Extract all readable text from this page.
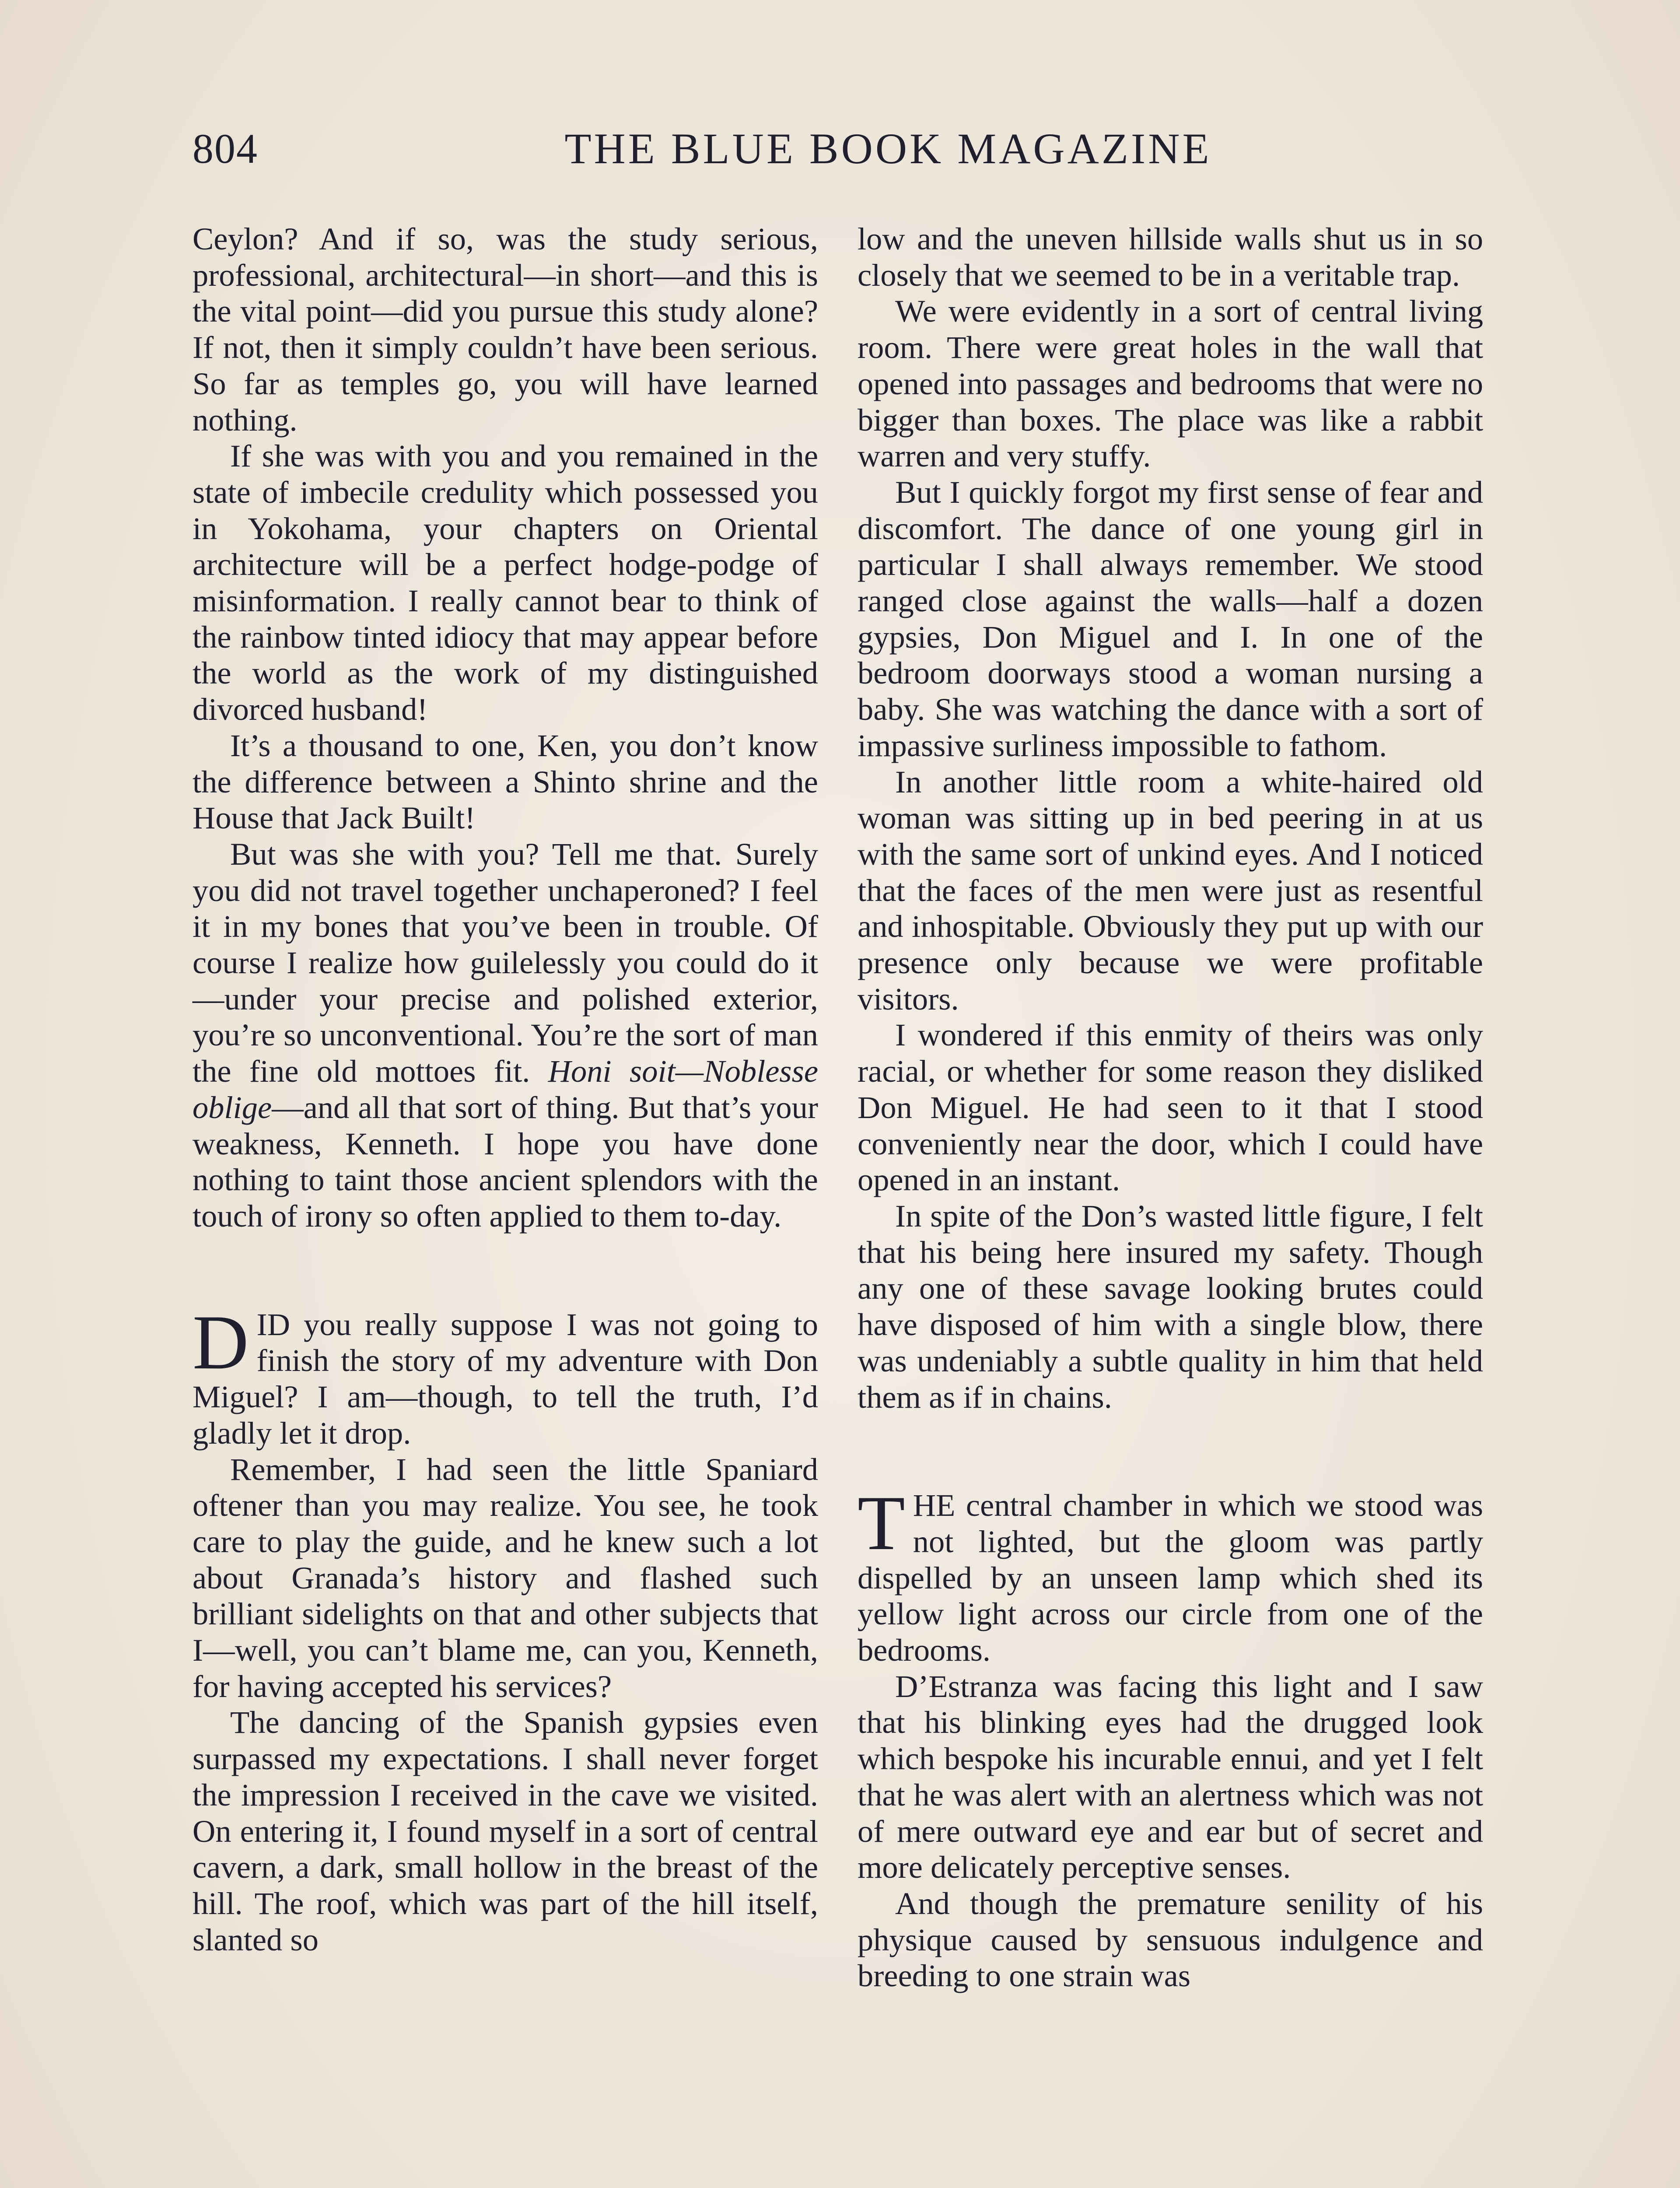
804	THE BLUE BOOK MAGAZINE

Ceylon? And if so, was the study serious, professional, architectural—in short—and this is the vital point—did you pursue this study alone? If not, then it simply couldn’t have been serious. So far as temples go, you will have learned nothing.

If she was with you and you remained in the state of imbecile credulity which possessed you in Yokohama, your chapters on Oriental architecture will be a perfect hodge-podge of misinformation. I really cannot bear to think of the rainbow tinted idiocy that may appear before the world as the work of my distinguished divorced husband!

It’s a thousand to one, Ken, you don’t know the difference between a Shinto shrine and the House that Jack Built!

But was she with you? Tell me that. Surely you did not travel together unchaperoned? I feel it in my bones that you’ve been in trouble. Of course I realize how guilelessly you could do it—under your precise and polished exterior, you’re so unconventional. You’re the sort of man the fine old mottoes fit. Honi soit—Noblesse oblige—and all that sort of thing. But that’s your weakness, Kenneth. I hope you have done nothing to taint those ancient splendors with the touch of irony so often applied to them to-day.

DID you really suppose I was not going to finish the story of my adventure with Don Miguel? I am—though, to tell the truth, I’d gladly let it drop.

Remember, I had seen the little Spaniard oftener than you may realize. You see, he took care to play the guide, and he knew such a lot about Granada’s history and flashed such brilliant sidelights on that and other subjects that I—well, you can’t blame me, can you, Kenneth, for having accepted his services?

The dancing of the Spanish gypsies even surpassed my expectations. I shall never forget the impression I received in the cave we visited. On entering it, I found myself in a sort of central cavern, a dark, small hollow in the breast of the hill. The roof, which was part of the hill itself, slanted so

low and the uneven hillside walls shut us in so closely that we seemed to be in a veritable trap.

We were evidently in a sort of central living room. There were great holes in the wall that opened into passages and bedrooms that were no bigger than boxes. The place was like a rabbit warren and very stuffy.

But I quickly forgot my first sense of fear and discomfort. The dance of one young girl in particular I shall always remember. We stood ranged close against the walls—half a dozen gypsies, Don Miguel and I. In one of the bedroom doorways stood a woman nursing a baby. She was watching the dance with a sort of impassive surliness impossible to fathom.

In another little room a white-haired old woman was sitting up in bed peering in at us with the same sort of unkind eyes. And I noticed that the faces of the men were just as resentful and inhospitable. Obviously they put up with our presence only because we were profitable visitors.

I wondered if this enmity of theirs was only racial, or whether for some reason they disliked Don Miguel. He had seen to it that I stood conveniently near the door, which I could have opened in an instant.

In spite of the Don’s wasted little figure, I felt that his being here insured my safety. Though any one of these savage looking brutes could have disposed of him with a single blow, there was undeniably a subtle quality in him that held them as if in chains.

THE central chamber in which we stood was not lighted, but the gloom was partly dispelled by an unseen lamp which shed its yellow light across our circle from one of the bedrooms.

D’Estranza was facing this light and I saw that his blinking eyes had the drugged look which bespoke his incurable ennui, and yet I felt that he was alert with an alertness which was not of mere outward eye and ear but of secret and more delicately perceptive senses.

And though the premature senility of his physique caused by sensuous indulgence and breeding to one strain was
